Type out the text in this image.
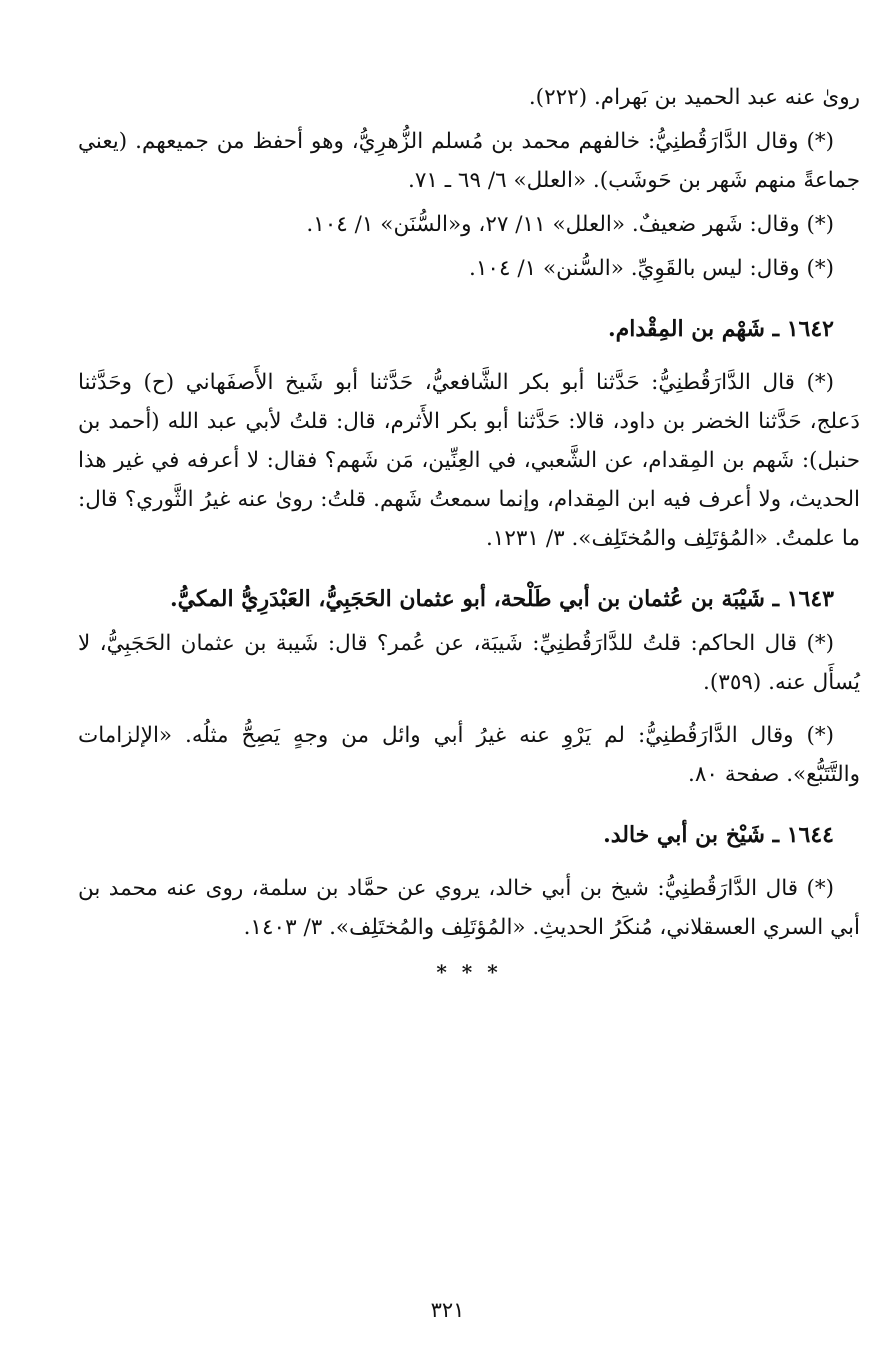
رویٰ عنه عبد الحميد بن بَهرام. (٢٢٢).

(*) وقال الدَّارَقُطنِيُّ: خالفهم محمد بن مُسلم الزُّهرِيُّ، وهو أحفظ من جميعهم. (يعني جماعةً منهم شَهر بن حَوشَب). «العلل» ٦/ ٦٩ ـ ٧١.

(*) وقال: شَهر ضعيفٌ. «العلل» ١١/ ٢٧، و«السُّنَن» ١/ ١٠٤.

(*) وقال: ليس بالقَوِيِّ. «السُّنن» ١/ ١٠٤.

١٦٤٢ ـ شَهْم بن المِقْدام.

(*) قال الدَّارَقُطنِيُّ: حَدَّثنا أبو بكر الشَّافعيُّ، حَدَّثنا أبو شَيخ الأَصفَهاني (ح) وحَدَّثنا دَعلج، حَدَّثنا الخضر بن داود، قالا: حَدَّثنا أبو بكر الأَثرم، قال: قلتُ لأبي عبد الله (أحمد بن حنبل): شَهم بن المِقدام، عن الشَّعبي، في العِنِّين، مَن شَهم؟ فقال: لا أعرفه في غير هذا الحديث، ولا أعرف فيه ابن المِقدام، وإنما سمعتُ شَهم. قلتُ: روىٰ عنه غيرُ الثَّوري؟ قال: ما علمتُ. «المُؤتَلِف والمُختَلِف». ٣/ ١٢٣١.

١٦٤٣ ـ شَيْبَة بن عُثمان بن أبي طَلْحة، أبو عثمان الحَجَبِيُّ، العَبْدَرِيُّ المكيُّ.

(*) قال الحاكم: قلتُ للدَّارَقُطنِيِّ: شَيبَة، عن عُمر؟ قال: شَيبة بن عثمان الحَجَبِيُّ، لا يُسأَل عنه. (٣٥٩).

(*) وقال الدَّارَقُطنِيُّ: لم يَرْوِ عنه غيرُ أبي وائل من وجهٍ يَصِحُّ مثلُه. «الإلزامات والتَّتَبُّع». صفحة ٨٠.

١٦٤٤ ـ شَيْخ بن أبي خالد.

(*) قال الدَّارَقُطنِيُّ: شيخ بن أبي خالد، يروي عن حمَّاد بن سلمة، روى عنه محمد بن أبي السري العسقلاني، مُنكَرُ الحديثِ. «المُؤتَلِف والمُختَلِف». ٣/ ١٤٠٣.

* * *
٣٢١
